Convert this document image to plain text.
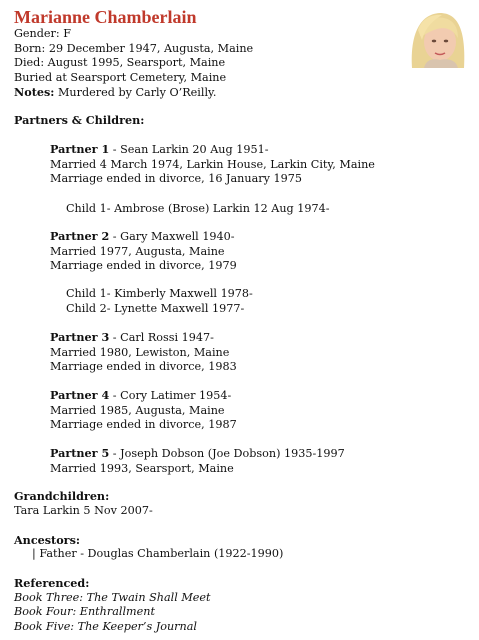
Marianne Chamberlain
Gender: F
Born: 29 December 1947, Augusta, Maine
Died: August 1995, Searsport, Maine
Buried at Searsport Cemetery, Maine
Notes: Murdered by Carly O’Reilly.
Partners & Children:
Partner 1 - Sean Larkin 20 Aug 1951-
Married 4 March 1974, Larkin House, Larkin City, Maine
Marriage ended in divorce, 16 January 1975
Child 1- Ambrose (Brose) Larkin 12 Aug 1974-
Partner 2 - Gary Maxwell 1940-
Married 1977, Augusta, Maine
Marriage ended in divorce, 1979
Child 1- Kimberly Maxwell 1978-
Child 2- Lynette Maxwell 1977-
Partner 3 - Carl Rossi 1947-
Married 1980, Lewiston, Maine
Marriage ended in divorce, 1983
Partner 4 - Cory Latimer 1954-
Married 1985, Augusta, Maine
Marriage ended in divorce, 1987
Partner 5 - Joseph Dobson (Joe Dobson) 1935-1997
Married 1993, Searsport, Maine
Grandchildren:
Tara Larkin 5 Nov 2007-
Ancestors:
| Father - Douglas Chamberlain (1922-1990)
Referenced:
Book Three: The Twain Shall Meet
Book Four: Enthrallment
Book Five: The Keeper’s Journal
